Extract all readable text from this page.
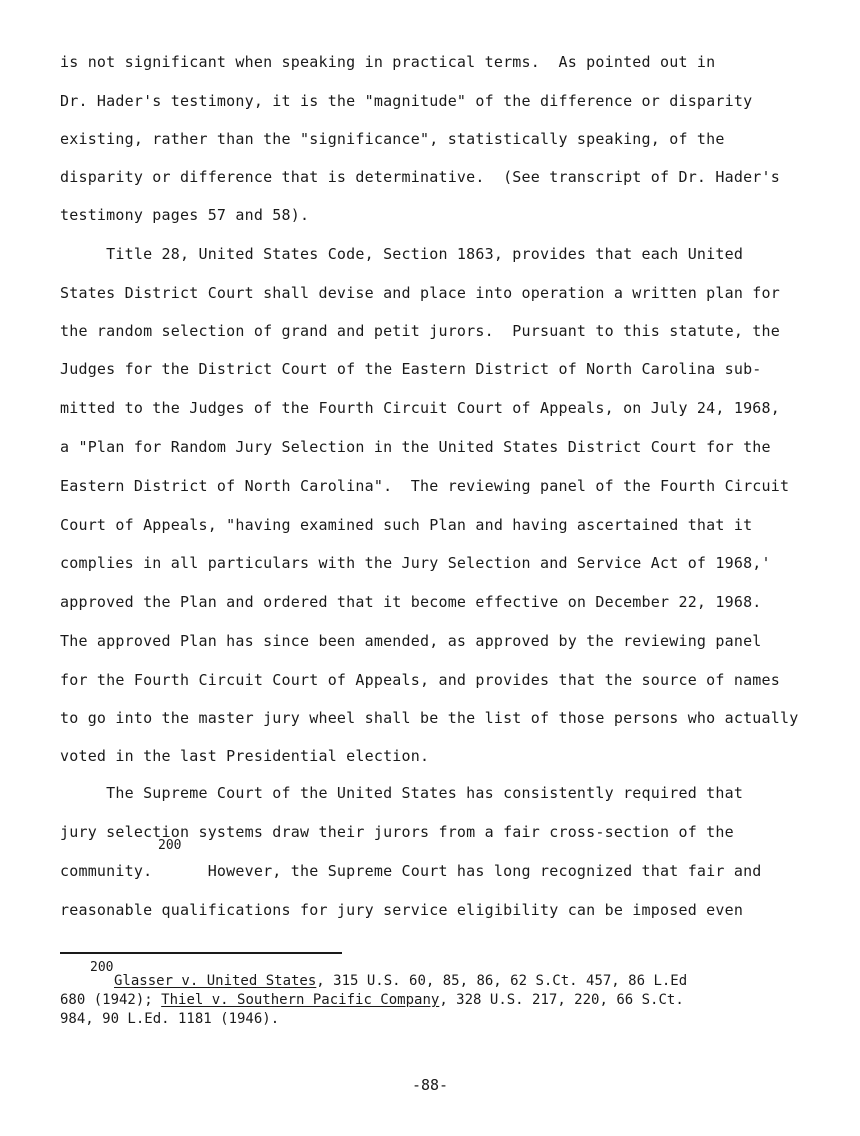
is not significant when speaking in practical terms.  As pointed out in
Dr. Hader's testimony, it is the "magnitude" of the difference or disparity
existing, rather than the "significance", statistically speaking, of the
disparity or difference that is determinative.  (See transcript of Dr. Hader's
testimony pages 57 and 58).
Title 28, United States Code, Section 1863, provides that each United
States District Court shall devise and place into operation a written plan for
the random selection of grand and petit jurors.  Pursuant to this statute, the
Judges for the District Court of the Eastern District of North Carolina sub-
mitted to the Judges of the Fourth Circuit Court of Appeals, on July 24, 1968,
a "Plan for Random Jury Selection in the United States District Court for the
Eastern District of North Carolina".  The reviewing panel of the Fourth Circuit
Court of Appeals, "having examined such Plan and having ascertained that it
complies in all particulars with the Jury Selection and Service Act of 1968,'
approved the Plan and ordered that it become effective on December 22, 1968.
The approved Plan has since been amended, as approved by the reviewing panel
for the Fourth Circuit Court of Appeals, and provides that the source of names
to go into the master jury wheel shall be the list of those persons who actually
voted in the last Presidential election.
The Supreme Court of the United States has consistently required that
jury selection systems draw their jurors from a fair cross-section of the
200
community.      However, the Supreme Court has long recognized that fair and
reasonable qualifications for jury service eligibility can be imposed even
200
Glasser v. United States, 315 U.S. 60, 85, 86, 62 S.Ct. 457, 86 L.Ed
680 (1942); Thiel v. Southern Pacific Company, 328 U.S. 217, 220, 66 S.Ct.
984, 90 L.Ed. 1181 (1946).
-88-
